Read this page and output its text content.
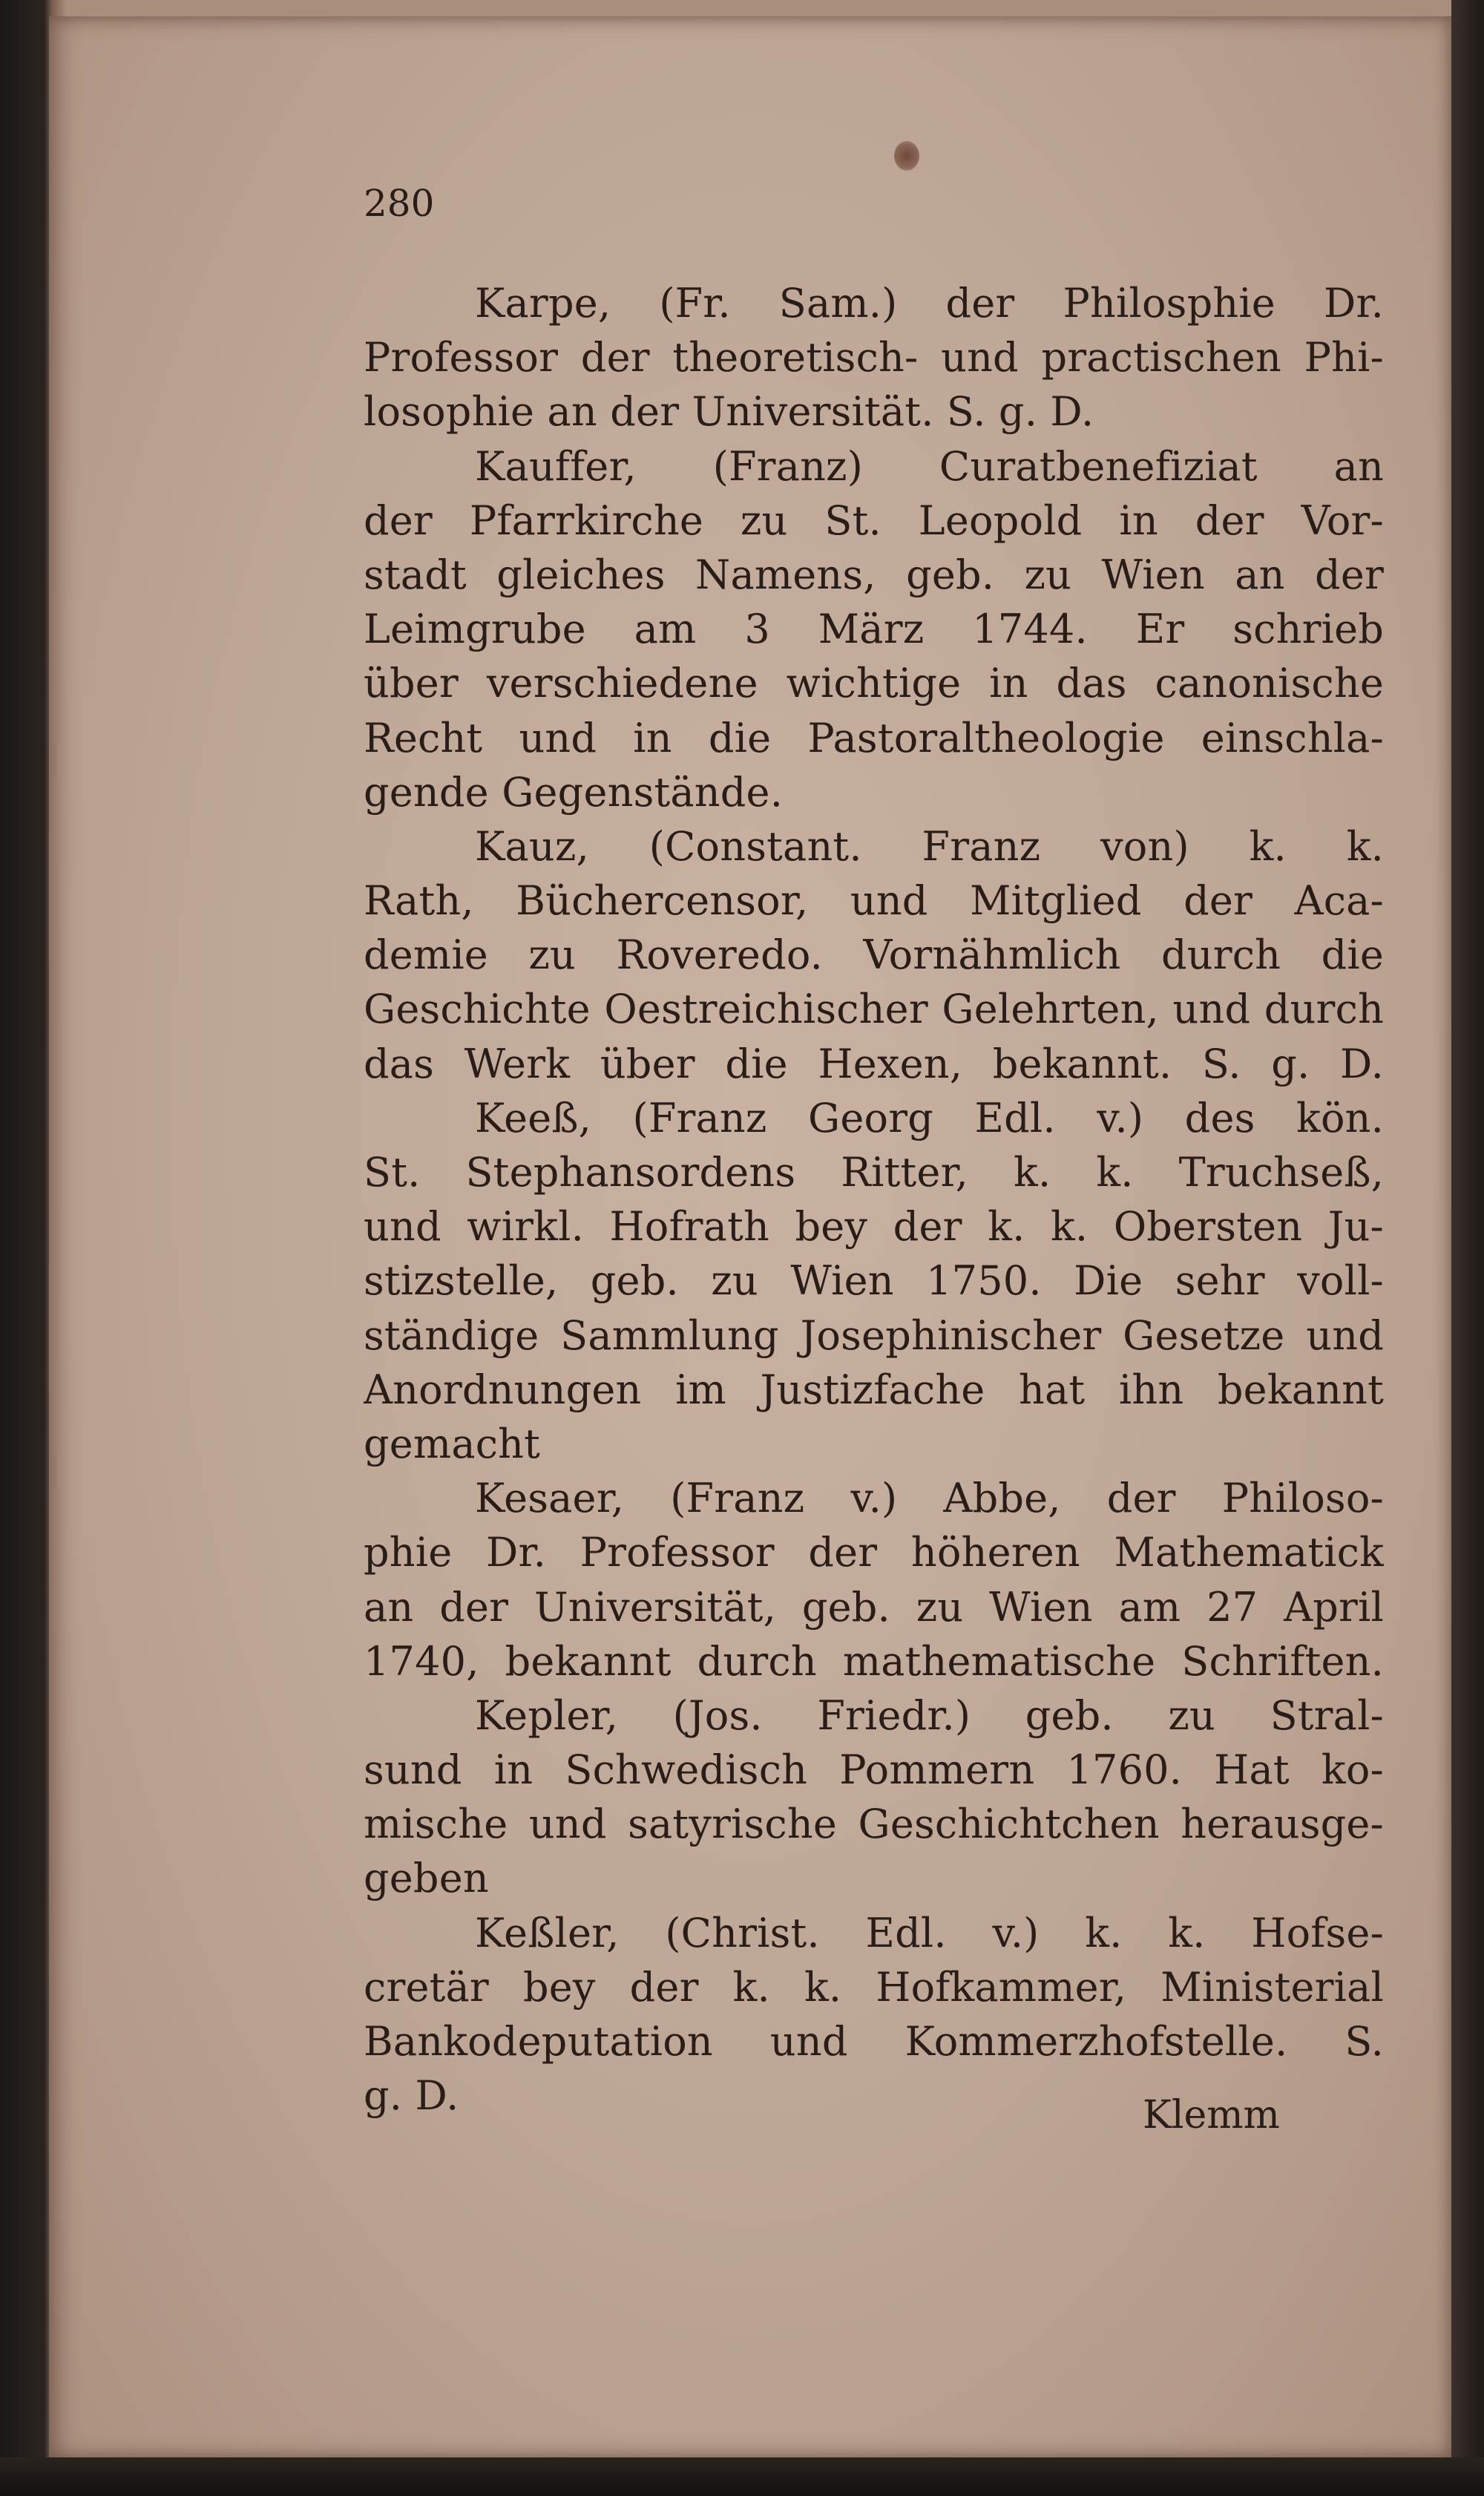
280
Karpe, (Fr. Sam.) der Philosphie Dr.
Professor der theoretisch- und practischen Phi-
losophie an der Universität. S. g. D.
Kauffer, (Franz) Curatbenefiziat an
der Pfarrkirche zu St. Leopold in der Vor-
stadt gleiches Namens, geb. zu Wien an der
Leimgrube am 3 März 1744. Er schrieb
über verschiedene wichtige in das canonische
Recht und in die Pastoraltheologie einschla-
gende Gegenstände.
Kauz, (Constant. Franz von) k. k.
Rath, Büchercensor, und Mitglied der Aca-
demie zu Roveredo. Vornähmlich durch die
Geschichte Oestreichischer Gelehrten, und durch
das Werk über die Hexen, bekannt. S. g. D.
Keeß, (Franz Georg Edl. v.) des kön.
St. Stephansordens Ritter, k. k. Truchseß,
und wirkl. Hofrath bey der k. k. Obersten Ju-
stizstelle, geb. zu Wien 1750. Die sehr voll-
ständige Sammlung Josephinischer Gesetze und
Anordnungen im Justizfache hat ihn bekannt
gemacht
Kesaer, (Franz v.) Abbe, der Philoso-
phie Dr. Professor der höheren Mathematick
an der Universität, geb. zu Wien am 27 April
1740, bekannt durch mathematische Schriften.
Kepler, (Jos. Friedr.) geb. zu Stral-
sund in Schwedisch Pommern 1760. Hat ko-
mische und satyrische Geschichtchen herausge-
geben
Keßler, (Christ. Edl. v.) k. k. Hofse-
cretär bey der k. k. Hofkammer, Ministerial
Bankodeputation und Kommerzhofstelle. S.
g. D.	Klemm
